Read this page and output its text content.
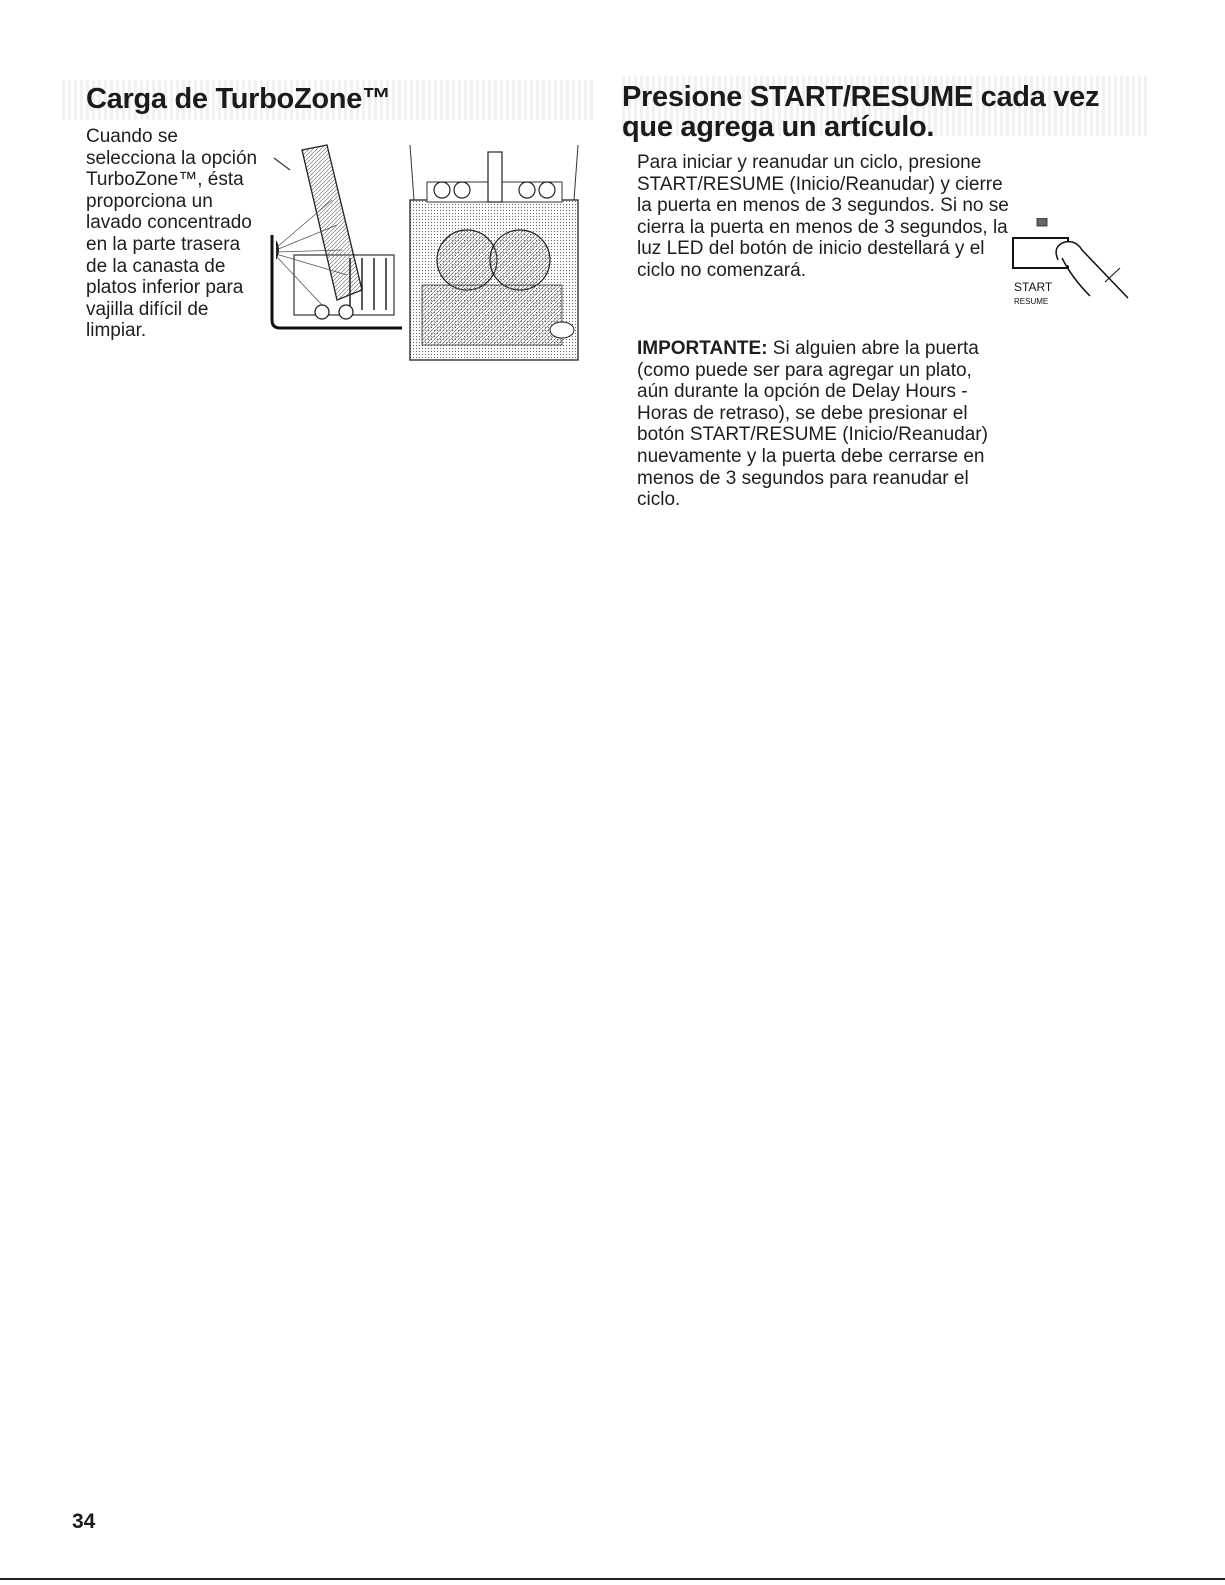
Carga de TurboZone™

Cuando se selecciona la opción TurboZone™, ésta proporciona un lavado concentrado en la parte trasera de la canasta de platos inferior para vajilla difícil de limpiar.

Presione START/RESUME cada vez que agrega un artículo.

Para iniciar y reanudar un ciclo, presione START/RESUME (Inicio/Reanudar) y cierre la puerta en menos de 3 segundos. Si no se cierra la puerta en menos de 3 segundos, la luz LED del botón de inicio destellará y el ciclo no comenzará.

START
RESUME

IMPORTANTE: Si alguien abre la puerta (como puede ser para agregar un plato, aún durante la opción de Delay Hours - Horas de retraso), se debe presionar el botón START/RESUME (Inicio/Reanudar) nuevamente y la puerta debe cerrarse en menos de 3 segundos para reanudar el ciclo.

34
